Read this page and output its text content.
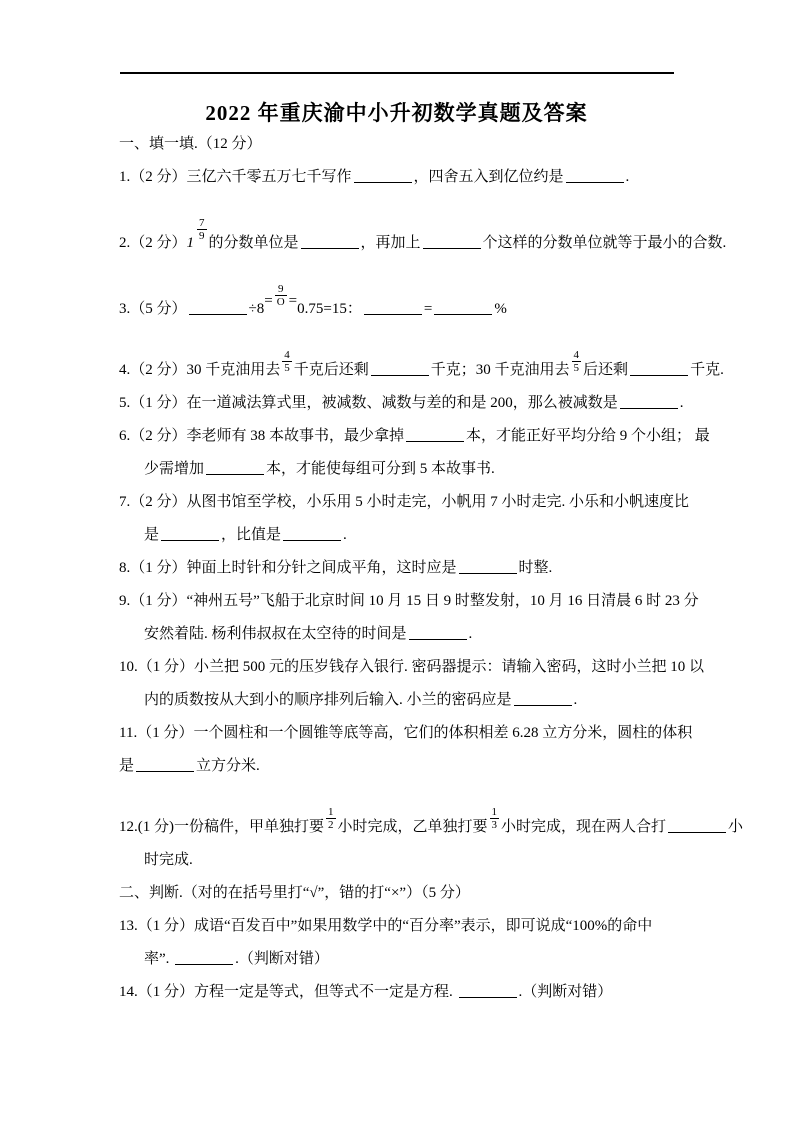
2022 年重庆渝中小升初数学真题及答案
一、填一填.（12 分）
1.（2 分）三亿六千零五万七千写作	，四舍五入到亿位约是	.
2.（2 分）1
$\frac{7}{9}$
的分数单位是	，再加上	个这样的分数单位就等于最小的合数.
3.（5 分）	$\div 8= \frac{9}{O} =0.75=15$：	=	%
4.（2 分）30 千克油用去 $\frac{4}{5}$ 千克后还剩	千克；30 千克油用去 $\frac{4}{5}$ 后还剩	千克.
5.（1 分）在一道减法算式里，被减数、减数与差的和是 200，那么被减数是	.
6.（2 分）李老师有 38 本故事书，最少拿掉	本，才能正好平均分给 9 个小组； 最
少需增加	本，才能使每组可分到 5 本故事书.
7.（2 分）从图书馆至学校，小乐用 5 小时走完，小帆用 7 小时走完. 小乐和小帆速度比
是	，比值是	.
8.（1 分）钟面上时针和分针之间成平角，这时应是	时整.
9.（1 分）“神州五号”飞船于北京时间 10 月 15 日 9 时整发射，10 月 16 日清晨 6 时 23 分
安然着陆. 杨利伟叔叔在太空待的时间是	.
10.（1 分）小兰把 500 元的压岁钱存入银行. 密码器提示：请输入密码，这时小兰把 10 以
内的质数按从大到小的顺序排列后输入. 小兰的密码应是	.
11.（1 分）一个圆柱和一个圆锥等底等高，它们的体积相差 6.28 立方分米，圆柱的体积
是	立方分米.
12.(1 分)一份稿件，甲单独打要 $\frac{1}{2}$ 小时完成，乙单独打要 $\frac{1}{3}$ 小时完成，现在两人合打	小
时完成.
二、判断.（对的在括号里打“√”，错的打“×”）（5 分）
13.（1 分）成语“百发百中”如果用数学中的“百分率”表示，即可说成“100%的命中
率”.	.（判断对错）
14.（1 分）方程一定是等式，但等式不一定是方程.	.（判断对错）
